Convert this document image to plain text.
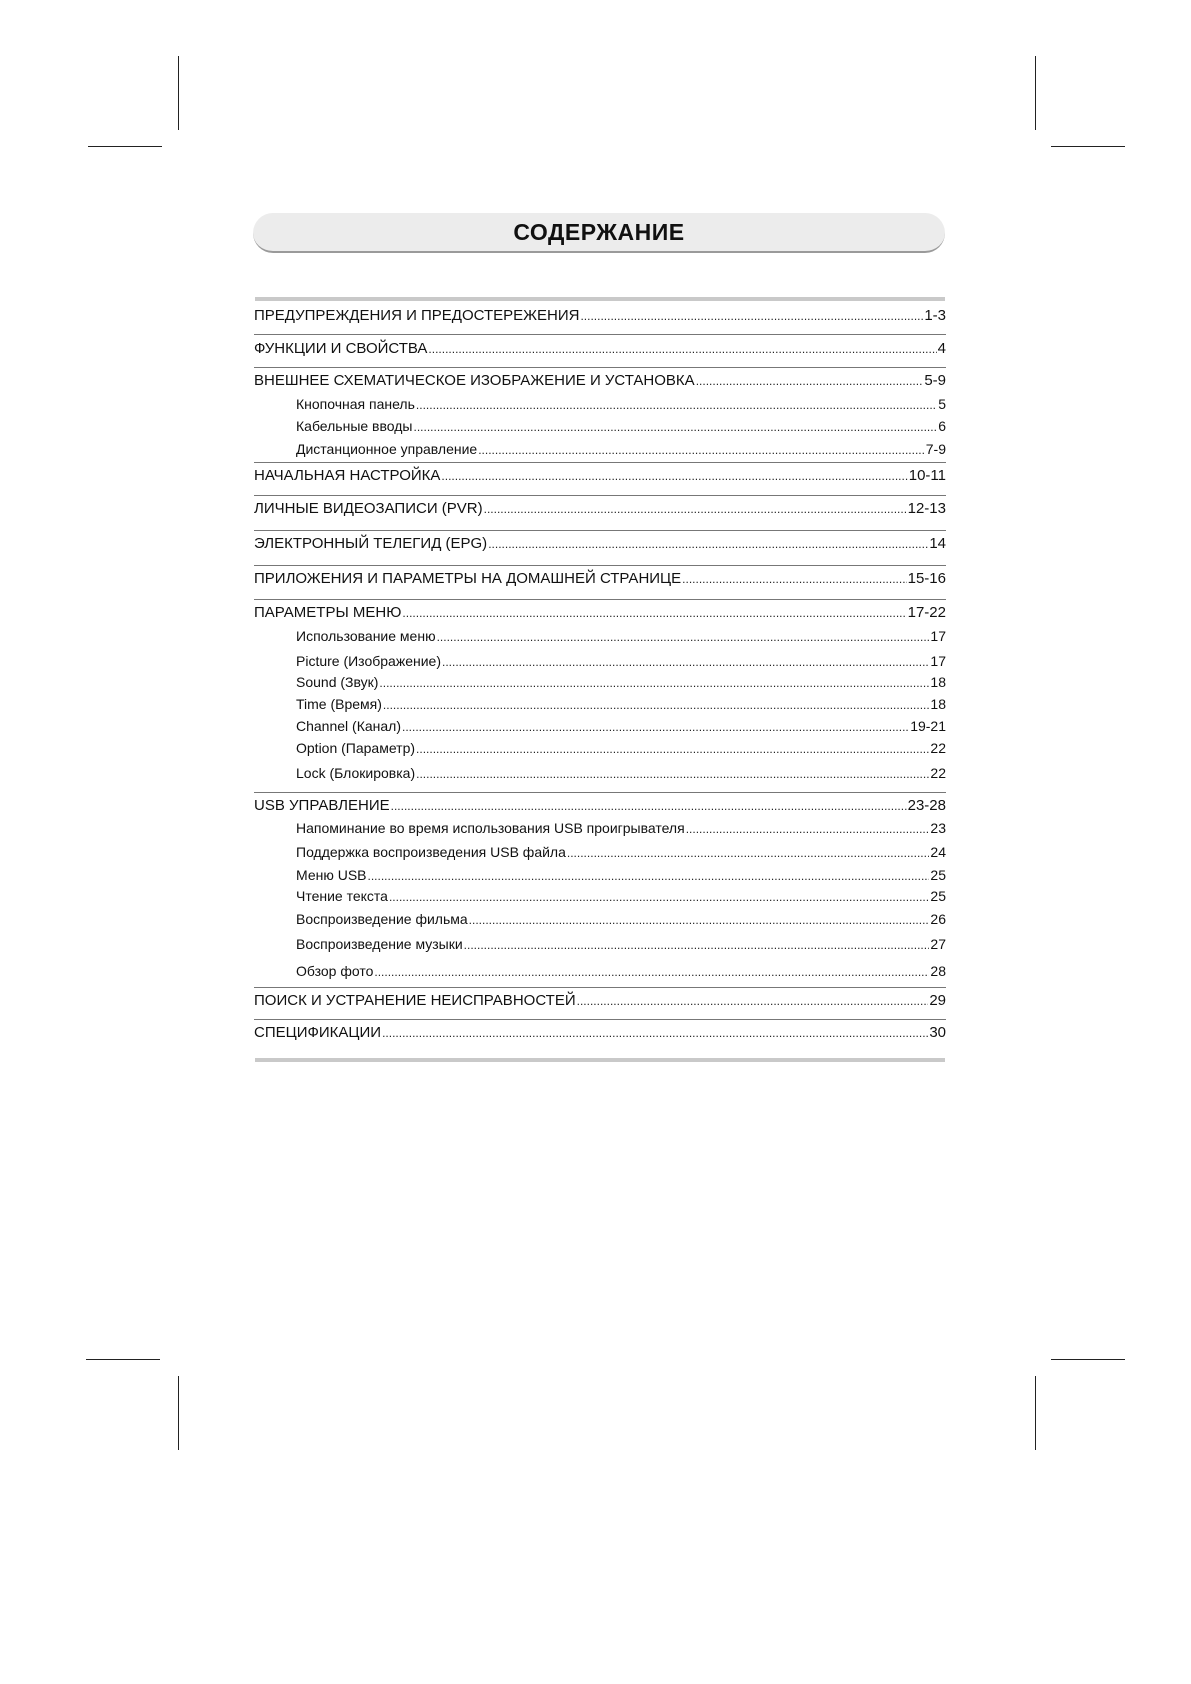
СОДЕРЖАНИЕ
ПРЕДУПРЕЖДЕНИЯ И ПРЕДОСТЕРЕЖЕНИЯ .....	1-3
ФУНКЦИИ И СВОЙСТВА .....	4
ВНЕШНЕЕ СХЕМАТИЧЕСКОЕ ИЗОБРАЖЕНИЕ И УСТАНОВКА .....	5-9
Кнопочная панель .....	5
Кабельные вводы .....	6
Дистанционное управление .....	7-9
НАЧАЛЬНАЯ НАСТРОЙКА .....	10-11
ЛИЧНЫЕ ВИДЕОЗАПИСИ (PVR) .....	12-13
ЭЛЕКТРОННЫЙ ТЕЛЕГИД (EPG) .....	14
ПРИЛОЖЕНИЯ И ПАРАМЕТРЫ НА ДОМАШНЕЙ СТРАНИЦЕ .....	15-16
ПАРАМЕТРЫ МЕНЮ .....	17-22
Использование меню .....	17
Picture (Изображение) .....	17
Sound (Звук) .....	18
Time (Время) .....	18
Channel (Канал) .....	19-21
Option (Параметр) .....	22
Lock (Блокировка) .....	22
USB УПРАВЛЕНИЕ .....	23-28
Напоминание во время использования USB проигрывателя .....	23
Поддержка воспроизведения USB файла .....	24
Меню USB .....	25
Чтение текста .....	25
Воспроизведение фильма .....	26
Воспроизведение музыки .....	27
Обзор фото .....	28
ПОИСК И УСТРАНЕНИЕ НЕИСПРАВНОСТЕЙ .....	29
СПЕЦИФИКАЦИИ .....	30
